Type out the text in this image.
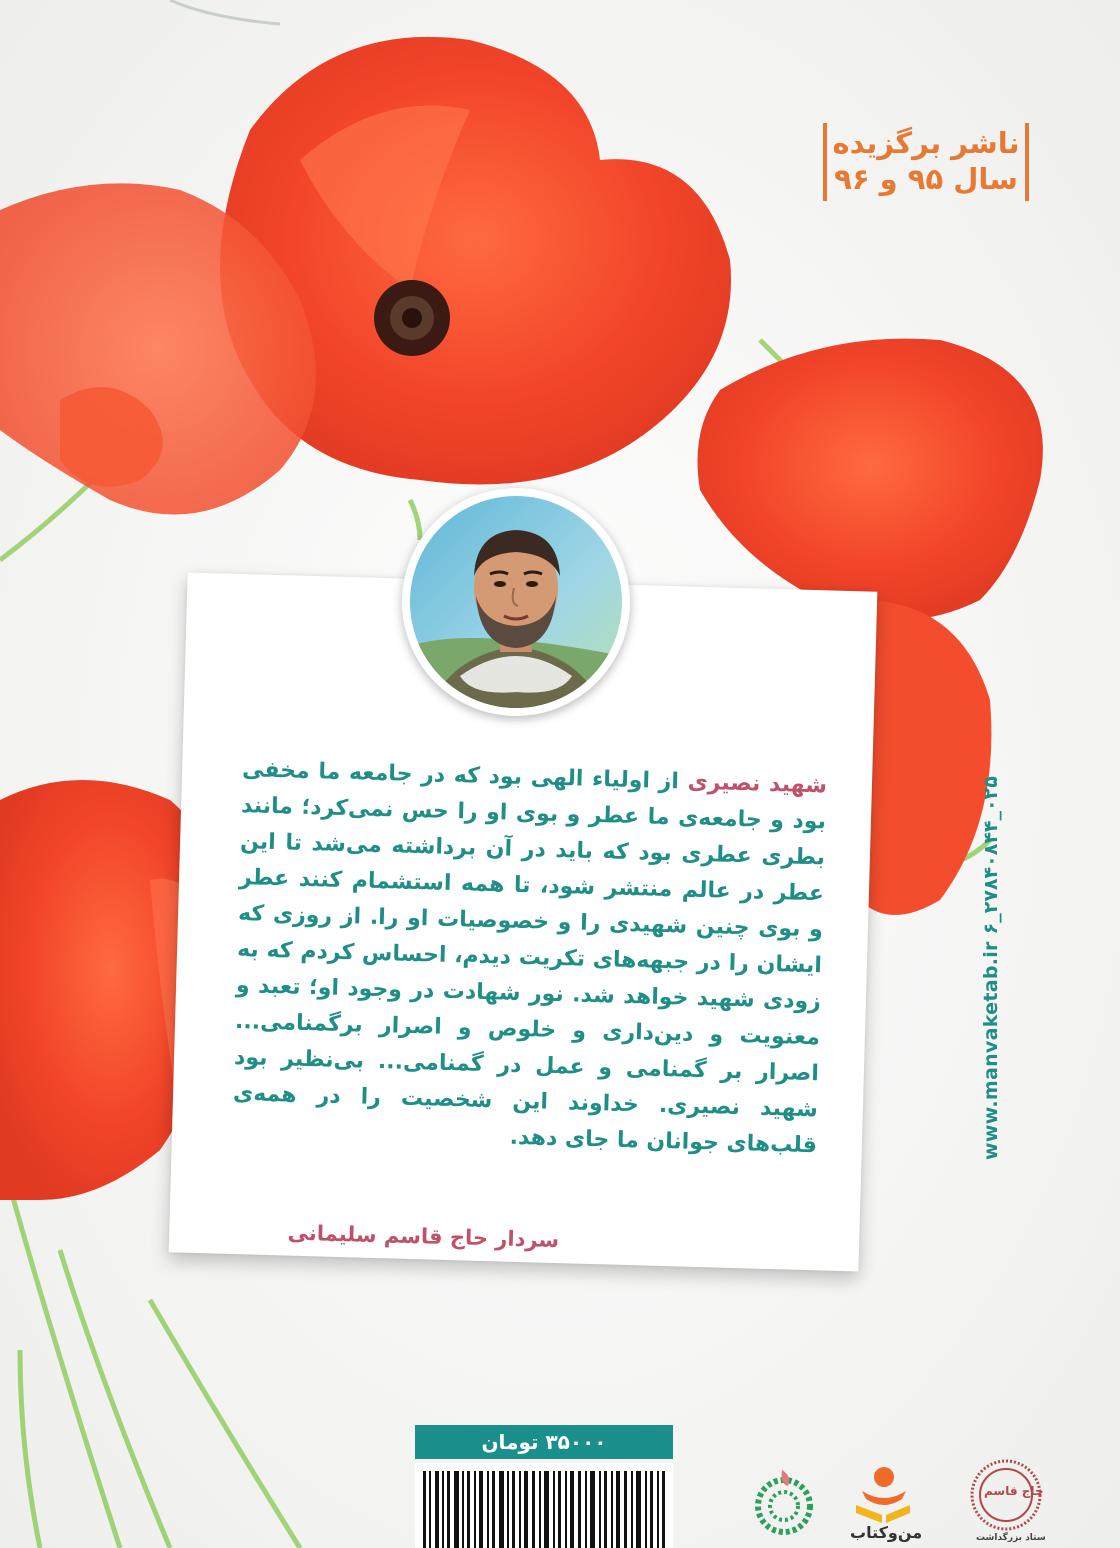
ناشر برگزیده
سال ۹۵ و ۹۶
شهید نصیری از اولیاء الهی بود که در جامعه ما مخفی بود و جامعه‌ی ما عطر و بوی او را حس نمی‌کرد؛ مانند بطری عطری بود که باید در آن برداشته می‌شد تا این عطر در عالم منتشر شود، تا همه استشمام کنند عطر و بوی چنین شهیدی را و خصوصیات او را. از روزی که ایشان را در جبهه‌های تکریت دیدم، احساس کردم که به زودی شهید خواهد شد. نور شهادت در وجود او؛ تعبد و معنویت و دین‌داری و خلوص و اصرار برگمنامی... اصرار بر گمنامی و عمل در گمنامی... بی‌نظیر بود شهید نصیری. خداوند این شخصیت را در همه‌ی قلب‌های جوانان ما جای دهد.
سردار حاج قاسم سلیمانی
www.manvaketab.ir ۶_۲۷۸۴۰۸۴۴_۰۲۵
۳۵۰۰۰ تومان
من‌و‌کتاب
حاج قاسم
ستاد بزرگداشت
